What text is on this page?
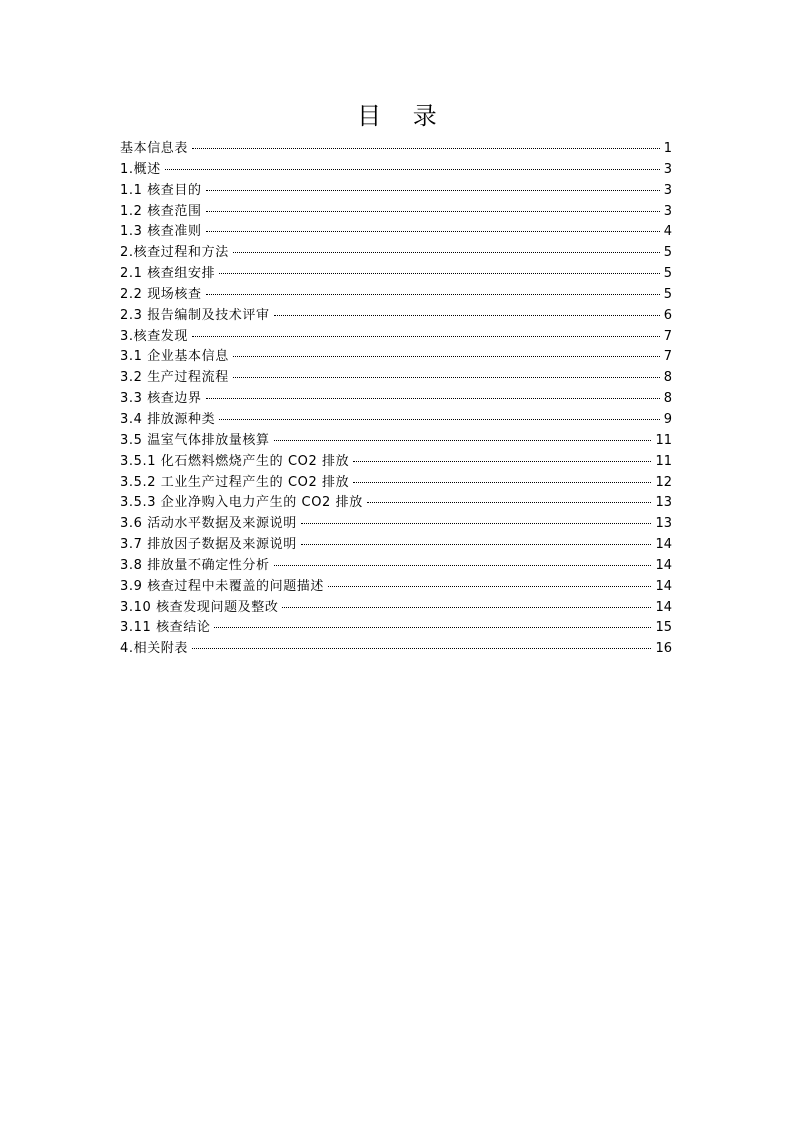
目 录
基本信息表	1
1.概述	3
1.1 核查目的	3
1.2 核查范围	3
1.3 核查准则	4
2.核查过程和方法	5
2.1 核查组安排	5
2.2 现场核查	5
2.3 报告编制及技术评审	6
3.核查发现	7
3.1 企业基本信息	7
3.2 生产过程流程	8
3.3 核查边界	8
3.4 排放源种类	9
3.5 温室气体排放量核算	11
3.5.1 化石燃料燃烧产生的 CO2 排放	11
3.5.2 工业生产过程产生的 CO2 排放	12
3.5.3 企业净购入电力产生的 CO2 排放	13
3.6 活动水平数据及来源说明	13
3.7 排放因子数据及来源说明	14
3.8 排放量不确定性分析	14
3.9 核查过程中未覆盖的问题描述	14
3.10 核查发现问题及整改	14
3.11 核查结论	15
4.相关附表	16
